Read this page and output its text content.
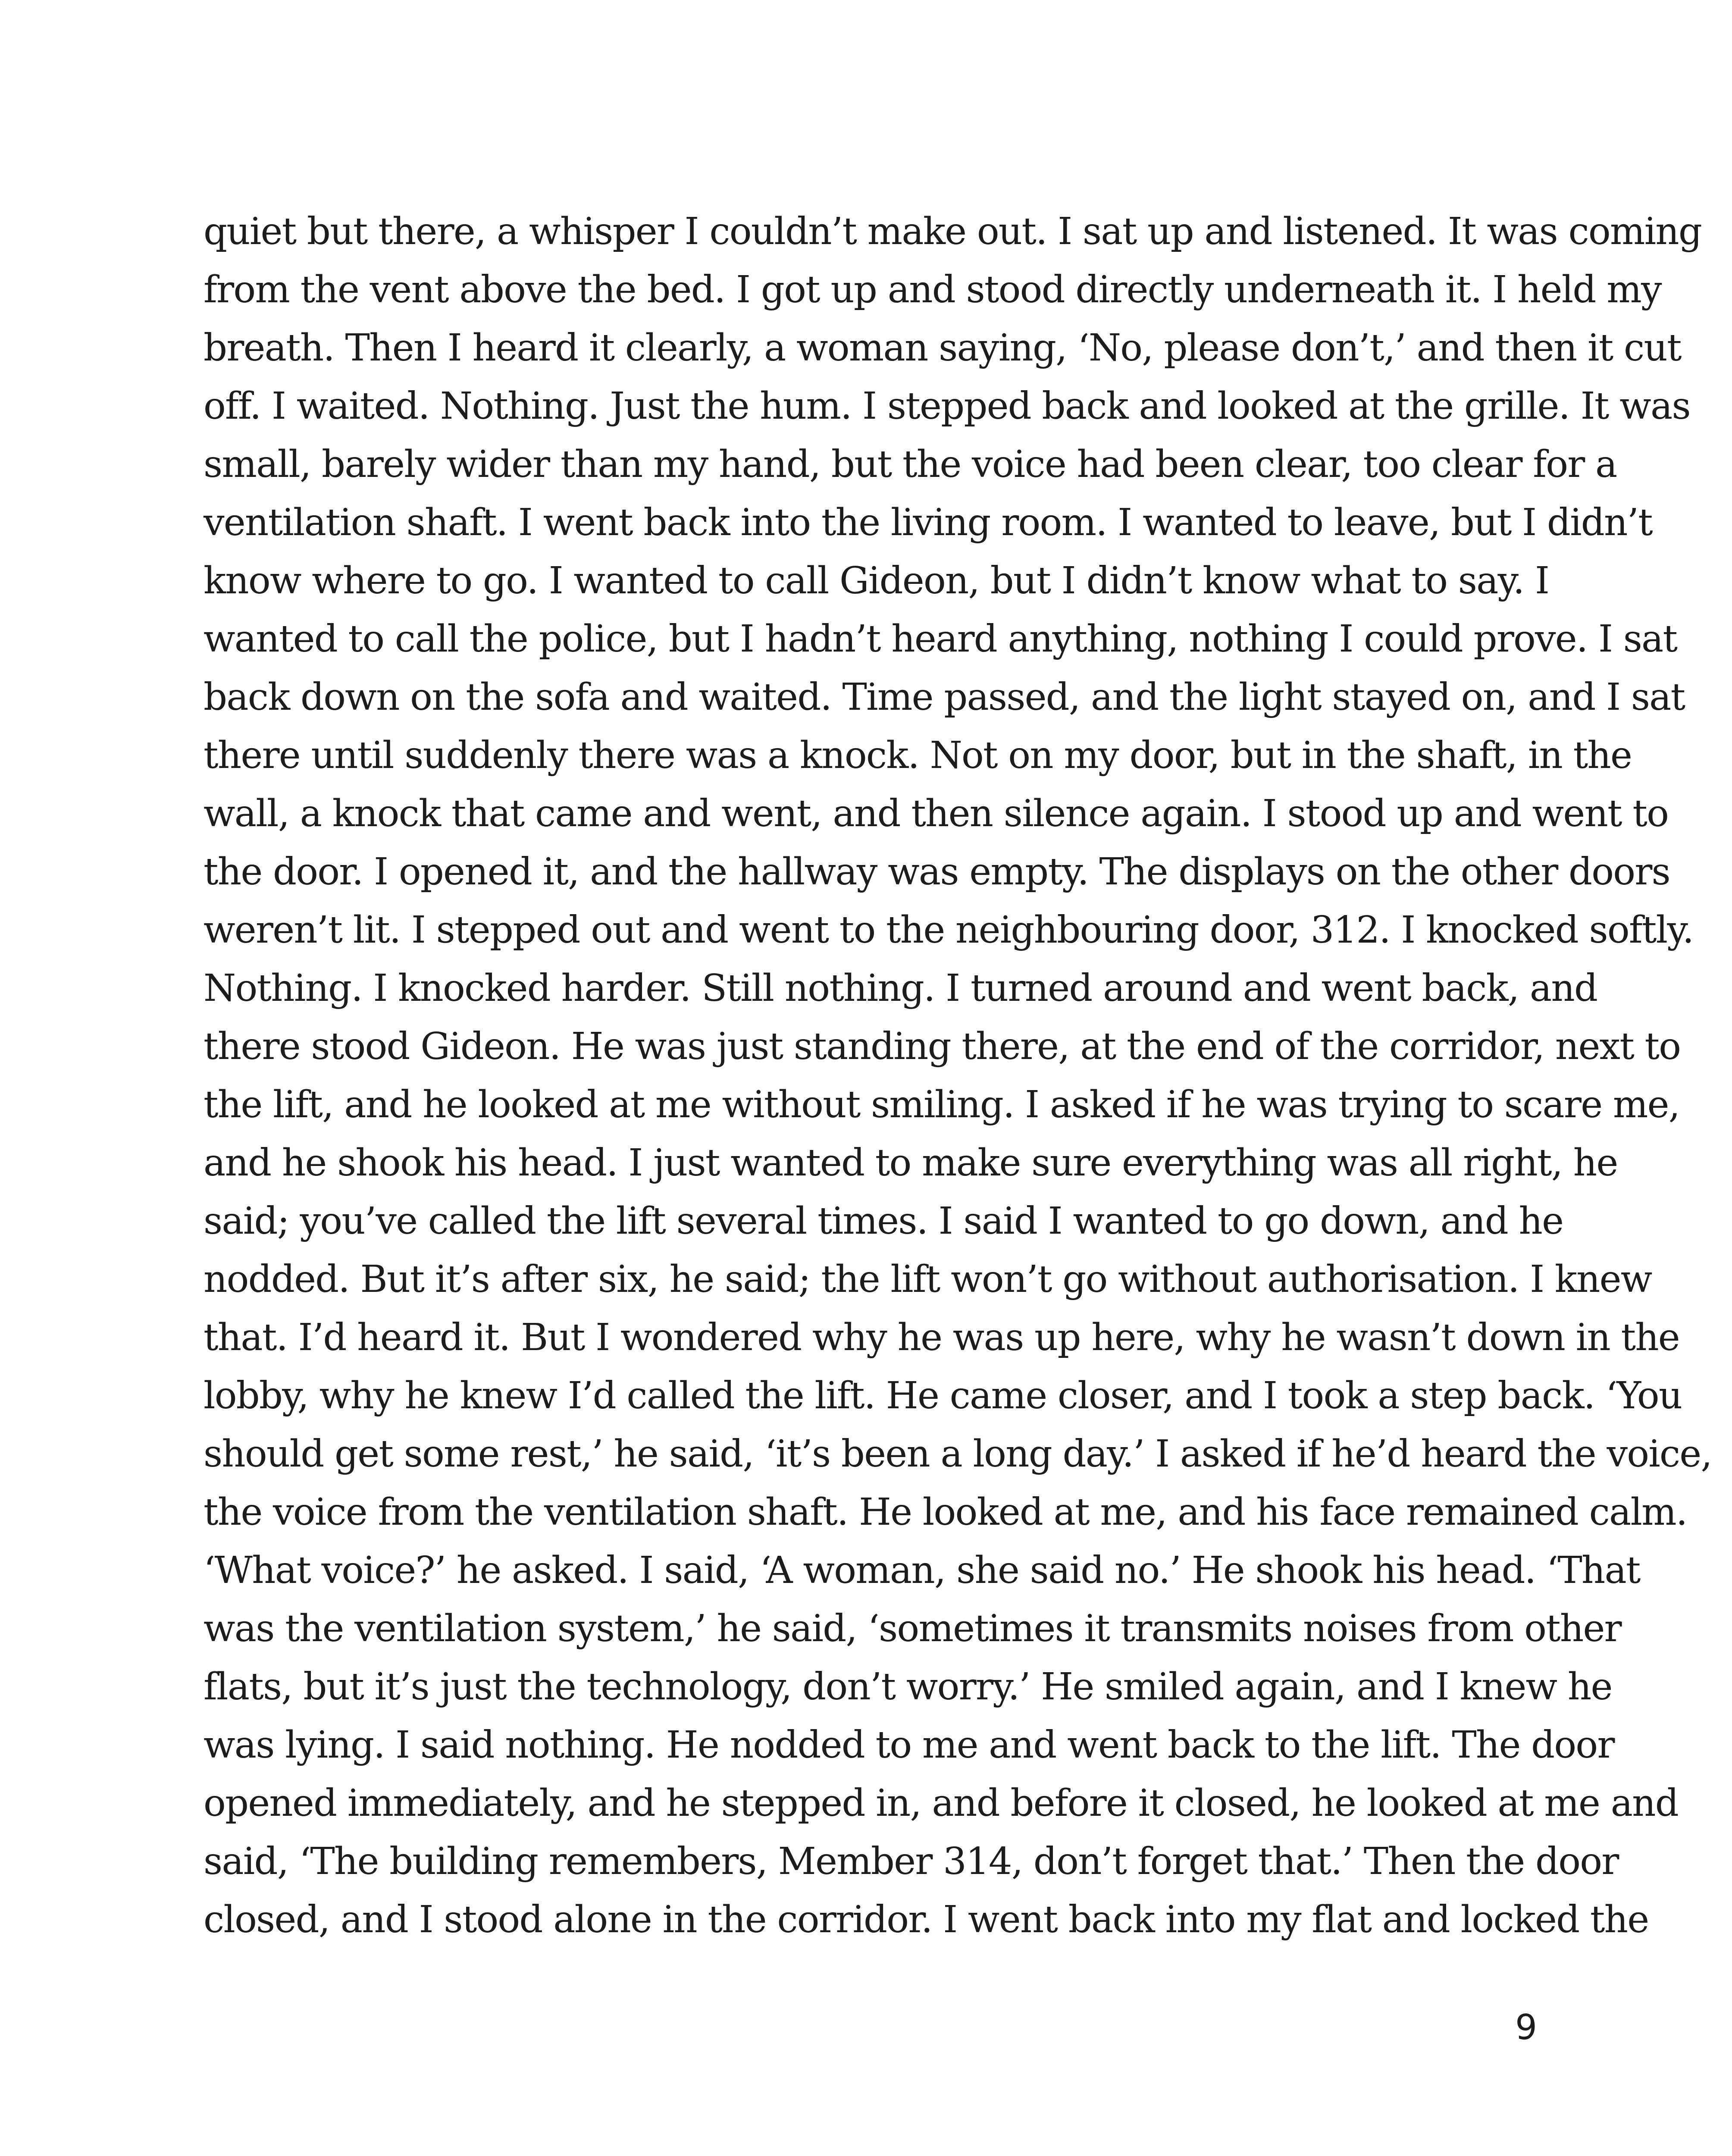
quiet but there, a whisper I couldn’t make out. I sat up and listened. It was coming
from the vent above the bed. I got up and stood directly underneath it. I held my
breath. Then I heard it clearly, a woman saying, ‘No, please don’t,’ and then it cut
off. I waited. Nothing. Just the hum. I stepped back and looked at the grille. It was
small, barely wider than my hand, but the voice had been clear, too clear for a
ventilation shaft. I went back into the living room. I wanted to leave, but I didn’t
know where to go. I wanted to call Gideon, but I didn’t know what to say. I
wanted to call the police, but I hadn’t heard anything, nothing I could prove. I sat
back down on the sofa and waited. Time passed, and the light stayed on, and I sat
there until suddenly there was a knock. Not on my door, but in the shaft, in the
wall, a knock that came and went, and then silence again. I stood up and went to
the door. I opened it, and the hallway was empty. The displays on the other doors
weren’t lit. I stepped out and went to the neighbouring door, 312. I knocked softly.
Nothing. I knocked harder. Still nothing. I turned around and went back, and
there stood Gideon. He was just standing there, at the end of the corridor, next to
the lift, and he looked at me without smiling. I asked if he was trying to scare me,
and he shook his head. I just wanted to make sure everything was all right, he
said; you’ve called the lift several times. I said I wanted to go down, and he
nodded. But it’s after six, he said; the lift won’t go without authorisation. I knew
that. I’d heard it. But I wondered why he was up here, why he wasn’t down in the
lobby, why he knew I’d called the lift. He came closer, and I took a step back. ‘You
should get some rest,’ he said, ‘it’s been a long day.’ I asked if he’d heard the voice,
the voice from the ventilation shaft. He looked at me, and his face remained calm.
‘What voice?’ he asked. I said, ‘A woman, she said no.’ He shook his head. ‘That
was the ventilation system,’ he said, ‘sometimes it transmits noises from other
flats, but it’s just the technology, don’t worry.’ He smiled again, and I knew he
was lying. I said nothing. He nodded to me and went back to the lift. The door
opened immediately, and he stepped in, and before it closed, he looked at me and
said, ‘The building remembers, Member 314, don’t forget that.’ Then the door
closed, and I stood alone in the corridor. I went back into my flat and locked the
9
